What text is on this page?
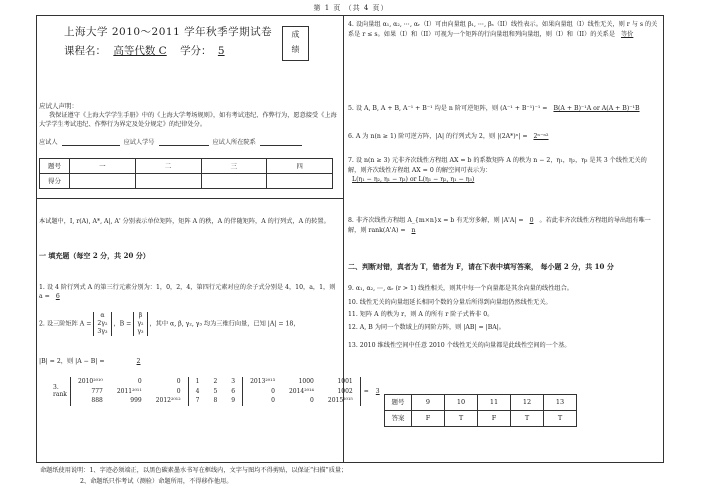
第 1 页 （共 4 页）
上海大学 2010～2011 学年秋季学期试卷
课程名： 高等代数 C 学分： 5
成
绩
应试人声明：
我保证遵守《上海大学学生手册》中的《上海大学考场规则》，如有考试违纪、作弊行为，愿意接受《上海大学学生考试违纪、作弊行为界定及处分规定》的纪律处分。
应试人	应试人学号	应试人所在院系
题号	一	二	三	四
得分				
本试题中，I, r(A), A*, A|, A' 分别表示单位矩阵，矩阵 A 的秩，A 的伴随矩阵，A 的行列式，A 的转置。
一 填充题（每空 2 分，共 20 分）
1. 设 4 阶行列式 A 的第三行元素分别为：1，0，2，4，第四行元素对应的余子式分别是 4，10，a，1，则 a = 6
2. 设三阶矩阵 A = α
2γ₂
3γ₃ ，B = β
γ₂
γ₃ ，其中 α, β, γ₂, γ₃ 均为三维行向量，已知 |A| = 18，
|B| = 2，则 |A − B| =	2
3. rank
2010²⁰¹⁰	0	0
777	2011²⁰¹¹	0
888	999	2012²⁰¹²
1	2	3
4	5	6
7	8	9
2013²⁰¹³	1000	1001
0	2014²⁰¹⁴	1002
0	0	2015²⁰¹⁵
=	3
4. 设向量组 α₁, α₂, ⋯, αᵣ（I）可由向量组 β₁, ⋯, βₛ（II）线性表示。如果向量组（I）线性无关，则 r 与 s 的关系是 r ≤ s。如果（I）和（II）可视为一个矩阵的行向量组和列向量组，则（I）和（II）的关系是 等价
5. 设 A, B, A + B, A⁻¹ + B⁻¹ 均是 n 阶可逆矩阵，则 (A⁻¹ + B⁻¹)⁻¹ = B(A + B)⁻¹A or A(A + B)⁻¹B
6. A 为 n(n ≥ 1) 阶可逆方阵，|A| 的行列式为 2，则 |(2A*)ⁿ| = 2ⁿ⁻ⁿ²
7. 设 n(n ≥ 3) 元非齐次线性方程组 AX = b 的系数矩阵 A 的秩为 n − 2，η₁，η₂，η₃ 是其 3 个线性无关的解，则齐次线性方程组 AX = 0 的解空间可表示为：
L(η₁ − η₂, η₁ − η₃) or L(η₁ − η₂, η₁ − η₃)
8. 非齐次线性方程组 A_{m×n}x = b 有无穷多解，则 |A'A| = 0 。若此非齐次线性方程组的导出组有唯一解，则 rank(A'A) = n
二、判断对错，真者为 T，错者为 F，请在下表中填写答案， 每小题 2 分，共 10 分
9. α₁, α₂, ⋯, αᵣ (r > 1) 线性相关，则其中每一个向量都是其余向量的线性组合。
10. 线性无关的向量组延长相同个数的分量后所得到向量组仍然线性无关。
11. 矩阵 A 的秩为 r，则 A 的所有 r 阶子式皆非 0。
12. A, B 为同一个数域上的同阶方阵，则 |AB| = |BA|。
13. 2010 维线性空间中任意 2010 个线性无关的向量都是此线性空间的一个基。
题号	9	10	11	12	13
答案	F	T	F	T	T
命题纸使用说明：1、字迹必须端正，以黑色碳素墨水书写在框线内，文字与图均不得剪贴，以保证“扫描”质量；
2、命题纸只作考试（测验）命题所用，不得移作他用。
